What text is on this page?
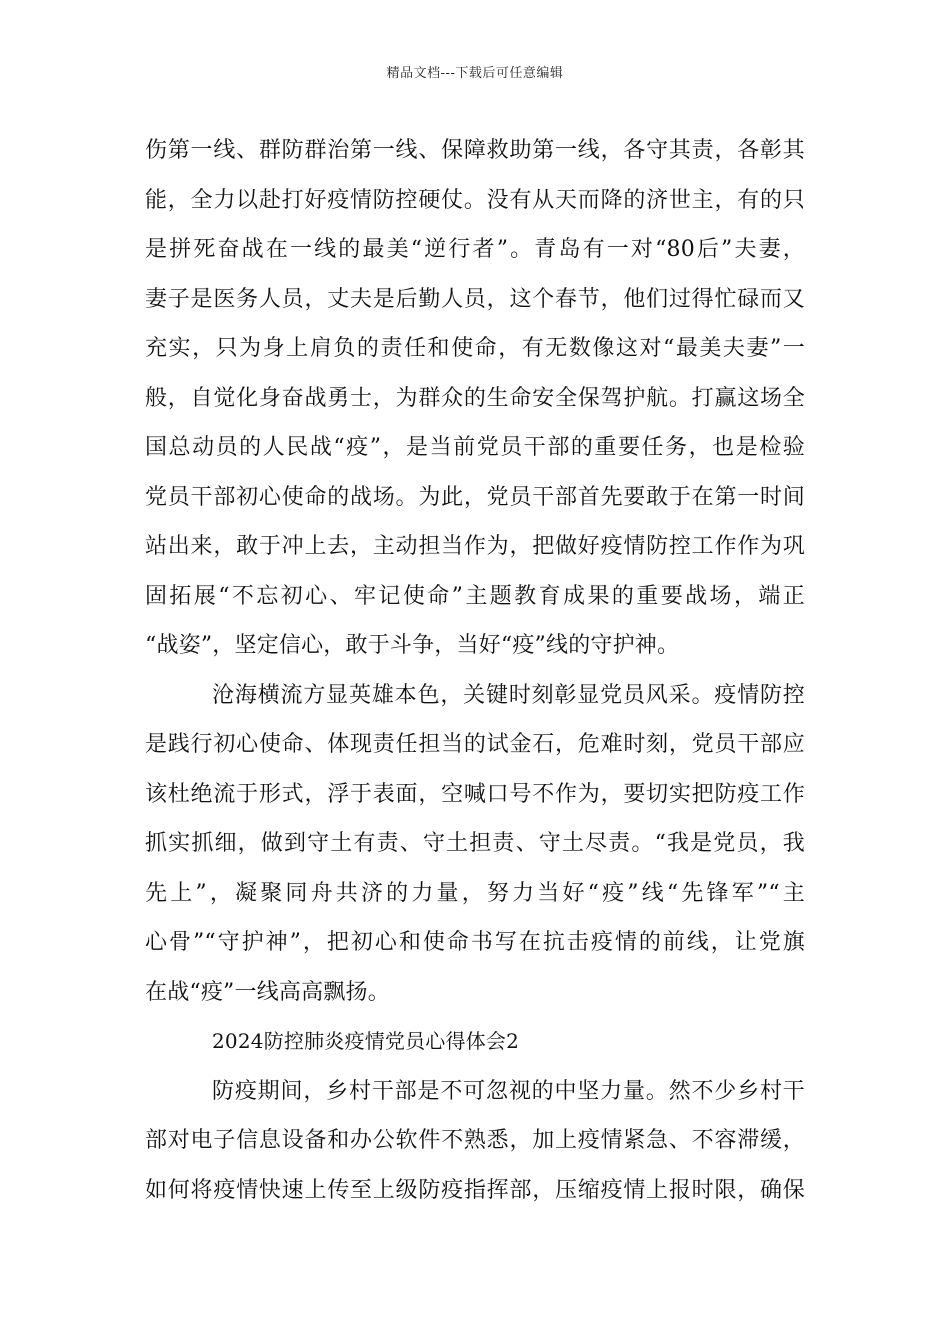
精品文档---下载后可任意编辑
伤第一线、群防群治第一线、保障救助第一线，各守其责，各彰其
能，全力以赴打好疫情防控硬仗。没有从天而降的济世主，有的只
是拼死奋战在一线的最美“逆行者”。青岛有一对“80后”夫妻，
妻子是医务人员，丈夫是后勤人员，这个春节，他们过得忙碌而又
充实，只为身上肩负的责任和使命，有无数像这对“最美夫妻”一
般，自觉化身奋战勇士，为群众的生命安全保驾护航。打赢这场全
国总动员的人民战“疫”，是当前党员干部的重要任务，也是检验
党员干部初心使命的战场。为此，党员干部首先要敢于在第一时间
站出来，敢于冲上去，主动担当作为，把做好疫情防控工作作为巩
固拓展“不忘初心、牢记使命”主题教育成果的重要战场，端正
“战姿”，坚定信心，敢于斗争，当好“疫”线的守护神。
沧海横流方显英雄本色，关键时刻彰显党员风采。疫情防控
是践行初心使命、体现责任担当的试金石，危难时刻，党员干部应
该杜绝流于形式，浮于表面，空喊口号不作为，要切实把防疫工作
抓实抓细，做到守土有责、守土担责、守土尽责。“我是党员，我
先上”，凝聚同舟共济的力量，努力当好“疫”线“先锋军”“主
心骨”“守护神”，把初心和使命书写在抗击疫情的前线，让党旗
在战“疫”一线高高飘扬。
2024防控肺炎疫情党员心得体会2
防疫期间，乡村干部是不可忽视的中坚力量。然不少乡村干
部对电子信息设备和办公软件不熟悉，加上疫情紧急、不容滞缓，
如何将疫情快速上传至上级防疫指挥部，压缩疫情上报时限，确保
